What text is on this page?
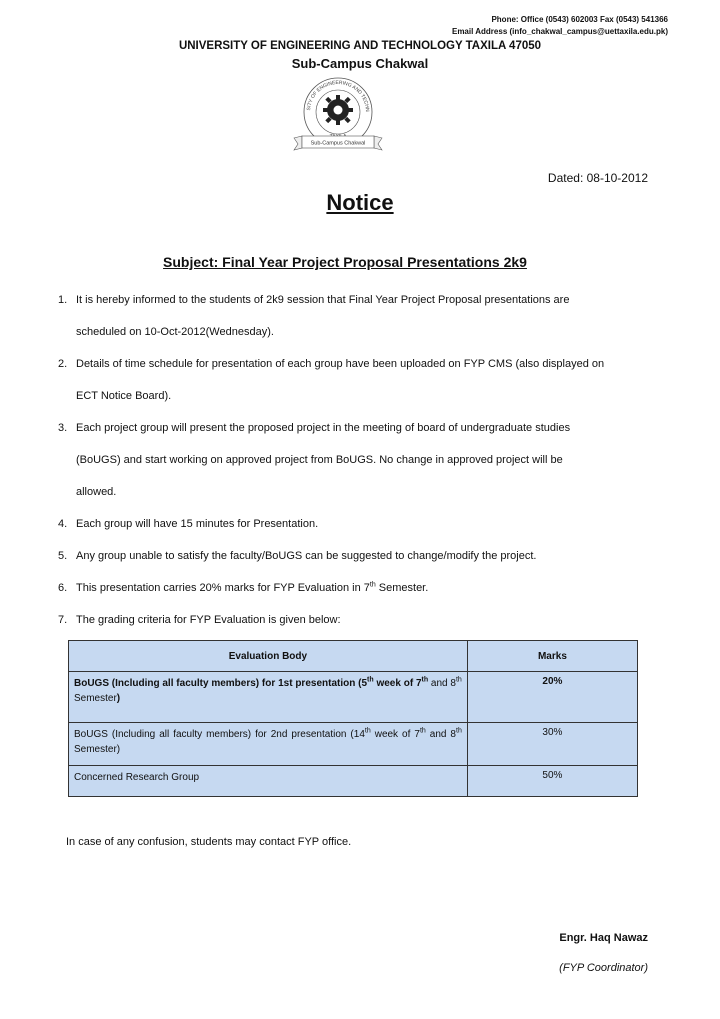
Phone: Office (0543) 602003 Fax (0543) 541366
Email Address (info_chakwal_campus@uettaxila.edu.pk)
UNIVERSITY OF ENGINEERING AND TECHNOLOGY TAXILA 47050
Sub-Campus Chakwal
SITY OF ENGINEERING AND TECHN
Sub-Campus Chakwal
Dated: 08-10-2012
Notice
Subject: Final Year Project Proposal Presentations 2k9
1. It is hereby informed to the students of 2k9 session that Final Year Project Proposal presentations are
scheduled on 10-Oct-2012(Wednesday).
2. Details of time schedule for presentation of each group have been uploaded on FYP CMS (also displayed on
ECT Notice Board).
3. Each project group will present the proposed project in the meeting of board of undergraduate studies
(BoUGS) and start working on approved project from BoUGS. No change in approved project will be
allowed.
4. Each group will have 15 minutes for Presentation.
5. Any group unable to satisfy the faculty/BoUGS can be suggested to change/modify the project.
6. This presentation carries 20% marks for FYP Evaluation in 7th Semester.
7. The grading criteria for FYP Evaluation is given below:
Evaluation Body	Marks
BoUGS (Including all faculty members) for 1st presentation (5th week of 7th and 8th Semester)	20%
BoUGS (Including all faculty members) for 2nd presentation (14th week of 7th and 8th Semester)	30%
Concerned Research Group	50%
In case of any confusion, students may contact FYP office.
Engr. Haq Nawaz
(FYP Coordinator)
